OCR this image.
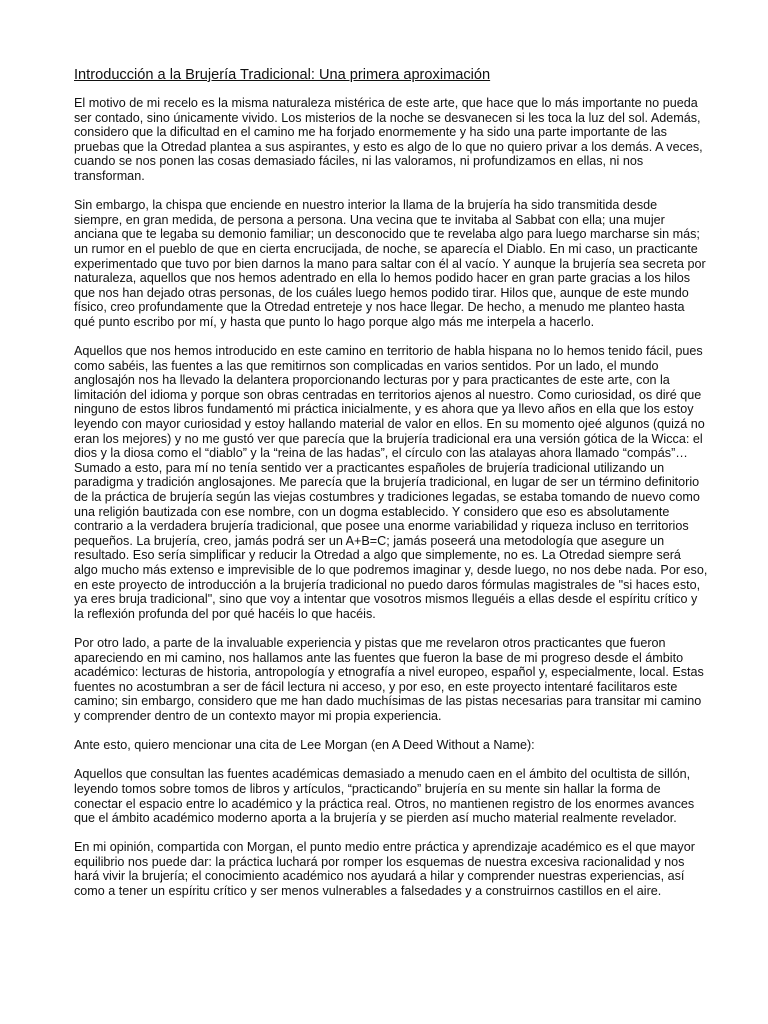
Introducción a la Brujería Tradicional: Una primera aproximación

El motivo de mi recelo es la misma naturaleza mistérica de este arte, que hace que lo más importante no pueda ser contado, sino únicamente vivido. Los misterios de la noche se desvanecen si les toca la luz del sol. Además, considero que la dificultad en el camino me ha forjado enormemente y ha sido una parte importante de las pruebas que la Otredad plantea a sus aspirantes, y esto es algo de lo que no quiero privar a los demás. A veces, cuando se nos ponen las cosas demasiado fáciles, ni las valoramos, ni profundizamos en ellas, ni nos transforman.

Sin embargo, la chispa que enciende en nuestro interior la llama de la brujería ha sido transmitida desde siempre, en gran medida, de persona a persona. Una vecina que te invitaba al Sabbat con ella; una mujer anciana que te legaba su demonio familiar; un desconocido que te revelaba algo para luego marcharse sin más; un rumor en el pueblo de que en cierta encrucijada, de noche, se aparecía el Diablo. En mi caso, un practicante experimentado que tuvo por bien darnos la mano para saltar con él al vacío. Y aunque la brujería sea secreta por naturaleza, aquellos que nos hemos adentrado en ella lo hemos podido hacer en gran parte gracias a los hilos que nos han dejado otras personas, de los cuáles luego hemos podido tirar. Hilos que, aunque de este mundo físico, creo profundamente que la Otredad entreteje y nos hace llegar. De hecho, a menudo me planteo hasta qué punto escribo por mí, y hasta que punto lo hago porque algo más me interpela a hacerlo.

Aquellos que nos hemos introducido en este camino en territorio de habla hispana no lo hemos tenido fácil, pues como sabéis, las fuentes a las que remitirnos son complicadas en varios sentidos. Por un lado, el mundo anglosajón nos ha llevado la delantera proporcionando lecturas por y para practicantes de este arte, con la limitación del idioma y porque son obras centradas en territorios ajenos al nuestro. Como curiosidad, os diré que ninguno de estos libros fundamentó mi práctica inicialmente, y es ahora que ya llevo años en ella que los estoy leyendo con mayor curiosidad y estoy hallando material de valor en ellos. En su momento ojeé algunos (quizá no eran los mejores) y no me gustó ver que parecía que la brujería tradicional era una versión gótica de la Wicca: el dios y la diosa como el “diablo” y la “reina de las hadas”, el círculo con las atalayas ahora llamado “compás”… Sumado a esto, para mí no tenía sentido ver a practicantes españoles de brujería tradicional utilizando un paradigma y tradición anglosajones. Me parecía que la brujería tradicional, en lugar de ser un término definitorio de la práctica de brujería según las viejas costumbres y tradiciones legadas, se estaba tomando de nuevo como una religión bautizada con ese nombre, con un dogma establecido. Y considero que eso es absolutamente contrario a la verdadera brujería tradicional, que posee una enorme variabilidad y riqueza incluso en territorios pequeños. La brujería, creo, jamás podrá ser un A+B=C; jamás poseerá una metodología que asegure un resultado. Eso sería simplificar y reducir la Otredad a algo que simplemente, no es. La Otredad siempre será algo mucho más extenso e imprevisible de lo que podremos imaginar y, desde luego, no nos debe nada. Por eso, en este proyecto de introducción a la brujería tradicional no puedo daros fórmulas magistrales de "si haces esto, ya eres bruja tradicional", sino que voy a intentar que vosotros mismos lleguéis a ellas desde el espíritu crítico y la reflexión profunda del por qué hacéis lo que hacéis.

Por otro lado, a parte de la invaluable experiencia y pistas que me revelaron otros practicantes que fueron apareciendo en mi camino, nos hallamos ante las fuentes que fueron la base de mi progreso desde el ámbito académico: lecturas de historia, antropología y etnografía a nivel europeo, español y, especialmente, local. Estas fuentes no acostumbran a ser de fácil lectura ni acceso, y por eso, en este proyecto intentaré facilitaros este camino; sin embargo, considero que me han dado muchísimas de las pistas necesarias para transitar mi camino y comprender dentro de un contexto mayor mi propia experiencia.

Ante esto, quiero mencionar una cita de Lee Morgan (en A Deed Without a Name):

Aquellos que consultan las fuentes académicas demasiado a menudo caen en el ámbito del ocultista de sillón, leyendo tomos sobre tomos de libros y artículos, “practicando” brujería en su mente sin hallar la forma de conectar el espacio entre lo académico y la práctica real. Otros, no mantienen registro de los enormes avances que el ámbito académico moderno aporta a la brujería y se pierden así mucho material realmente revelador.

En mi opinión, compartida con Morgan, el punto medio entre práctica y aprendizaje académico es el que mayor equilibrio nos puede dar: la práctica luchará por romper los esquemas de nuestra excesiva racionalidad y nos hará vivir la brujería; el conocimiento académico nos ayudará a hilar y comprender nuestras experiencias, así como a tener un espíritu crítico y ser menos vulnerables a falsedades y a construirnos castillos en el aire.
